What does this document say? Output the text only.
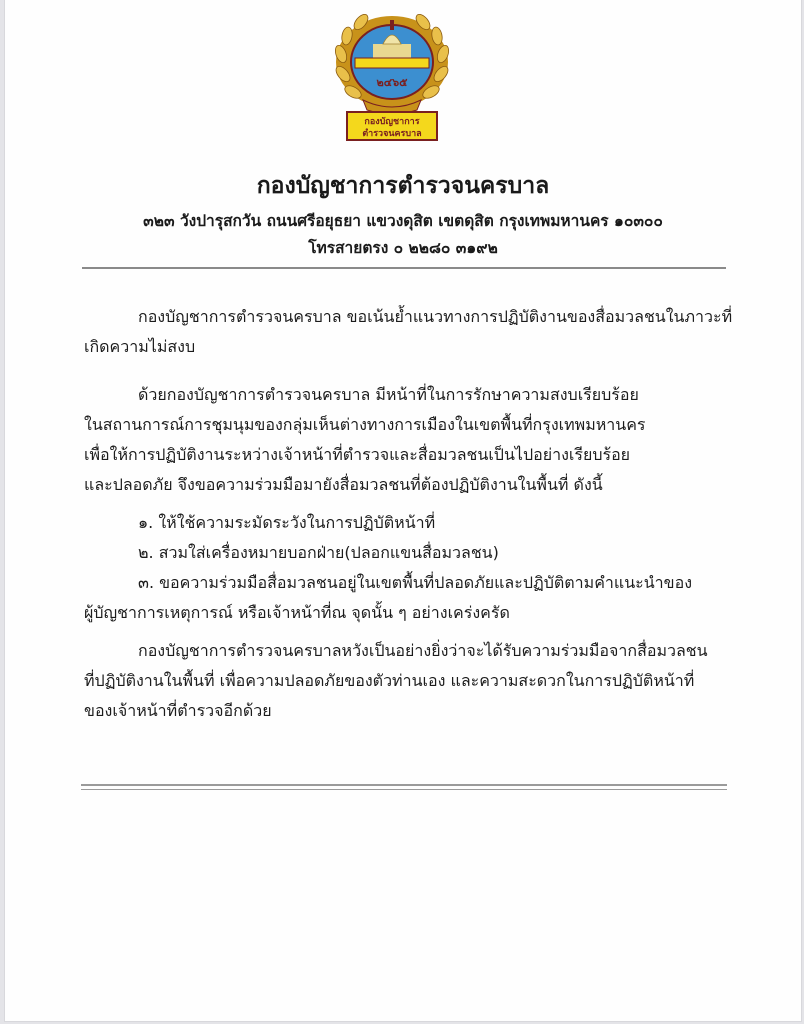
๒๔๖๕
กองบัญชาการ
ตำรวจนครบาล
กองบัญชาการตำรวจนครบาล
๓๒๓ วังปารุสกวัน ถนนศรีอยุธยา แขวงดุสิต เขตดุสิต กรุงเทพมหานคร ๑๐๓๐๐
โทรสายตรง ๐ ๒๒๘๐ ๓๑๙๒
กองบัญชาการตำรวจนครบาล ขอเน้นย้ำแนวทางการปฏิบัติงานของสื่อมวลชนในภาวะที่
เกิดความไม่สงบ
ด้วยกองบัญชาการตำรวจนครบาล มีหน้าที่ในการรักษาความสงบเรียบร้อย
ในสถานการณ์การชุมนุมของกลุ่มเห็นต่างทางการเมืองในเขตพื้นที่กรุงเทพมหานคร
เพื่อให้การปฏิบัติงานระหว่างเจ้าหน้าที่ตำรวจและสื่อมวลชนเป็นไปอย่างเรียบร้อย
และปลอดภัย จึงขอความร่วมมือมายังสื่อมวลชนที่ต้องปฏิบัติงานในพื้นที่ ดังนี้
๑. ให้ใช้ความระมัดระวังในการปฏิบัติหน้าที่
๒. สวมใส่เครื่องหมายบอกฝ่าย(ปลอกแขนสื่อมวลชน)
๓. ขอความร่วมมือสื่อมวลชนอยู่ในเขตพื้นที่ปลอดภัยและปฏิบัติตามคำแนะนำของ
ผู้บัญชาการเหตุการณ์ หรือเจ้าหน้าที่ณ จุดนั้น ๆ อย่างเคร่งครัด
กองบัญชาการตำรวจนครบาลหวังเป็นอย่างยิ่งว่าจะได้รับความร่วมมือจากสื่อมวลชน
ที่ปฏิบัติงานในพื้นที่ เพื่อความปลอดภัยของตัวท่านเอง และความสะดวกในการปฏิบัติหน้าที่
ของเจ้าหน้าที่ตำรวจอีกด้วย
